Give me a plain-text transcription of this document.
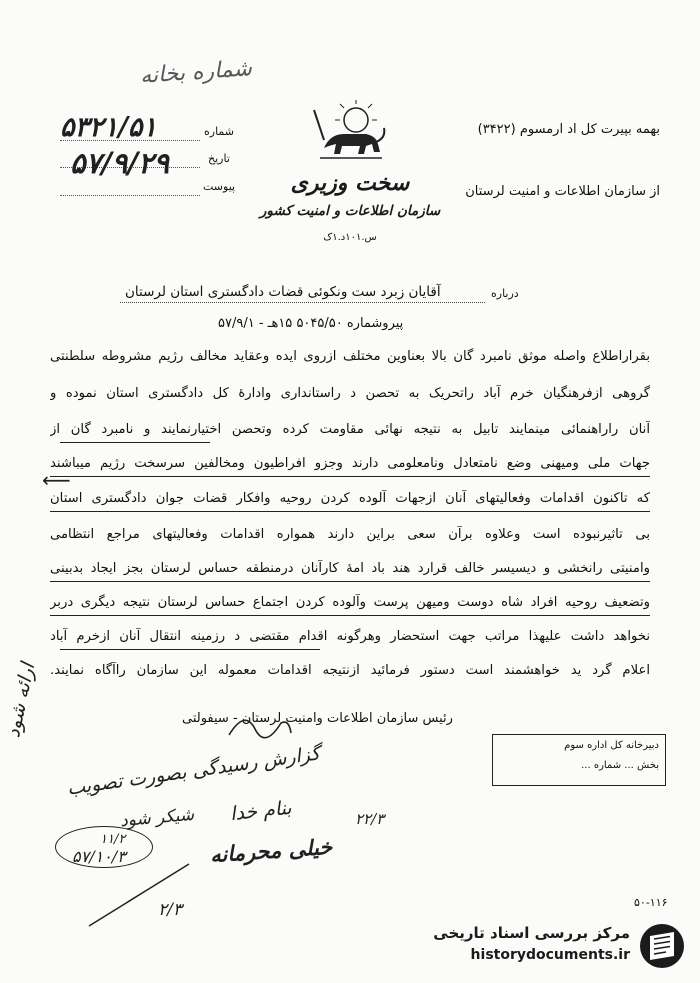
شماره بخانه
بهمه بپیرت کل اد ارمسوم (۳۴۲۲)
از سازمان اطلاعات و امنیت لرستان
سخت وزیری
سازمان اطلاعات و امنیت کشور
س.۱۰۱د.۱ک
شماره
تاریخ
پیوست
۵۳۲۱/۵۱
۵۷/۹/۲۹
درباره
آقایان زبرد ست ونکوئی قضات دادگستری استان لرستان
پیروشماره ۵۰۴۵/۵۰ ۱۵هـ - ۵۷/۹/۱
بقراراطلاع واصله موثق نامبرد گان بالا بعناوین مختلف ازروی ایده وعقاید مخالف رژیم مشروطه سلطنتی
گروهی ازفرهنگیان خرم آباد راتحریک به تحصن د راستانداری وادارهٔ کل دادگستری استان نموده و
آنان راراهنمائی مینمایند تابیل به نتیجه نهائی مقاومت کرده وتحصن اختیارنمایند و نامبرد گان از
جهات ملی ومیهنی وضع نامتعادل ونامعلومی دارند وجزو افراطیون ومخالفین سرسخت رژیم میباشند
که تاکنون اقدامات وفعالیتهای آنان ازجهات آلوده کردن روحیه وافکار قضات جوان دادگستری استان
بی تاثیرنبوده است وعلاوه برآن سعی براین دارند همواره اقدامات وفعالیتهای مراجع انتظامی
وامنیتی رانخشی و دیسیسر خالف قرارد هند باد امهٔ کارآنان درمنطقه حساس لرستان بجز ایجاد بدبینی
وتضعیف روحیه افراد شاه دوست ومیهن پرست وآلوده کردن اجتماع حساس لرستان نتیجه دیگری دربر
نخواهد داشت علیهذا مراتب جهت استحضار وهرگونه اقدام مقتضی د رزمینه انتقال آنان ازخرم آباد
اعلام گرد ید خواهشمند است دستور فرمائید ازنتیجه اقدامات معموله این سازمان راآگاه نمایند.
⟵
رئیس سازمان اطلاعات وامنیت لرستان - سیفولتی
دبیرخانه کل اداره سوم
بخش ... شماره ...
ارائه شود
گزارش رسیدگی بصورت تصویب
شیکر شود
۱۱/۲
۵۷/۱۰/۳
بنام خدا
خیلی محرمانه
۲۲/۳
۲/۳	۵۰-۱۱۶
مرکز بررسی اسناد تاریخی
historydocuments.ir
